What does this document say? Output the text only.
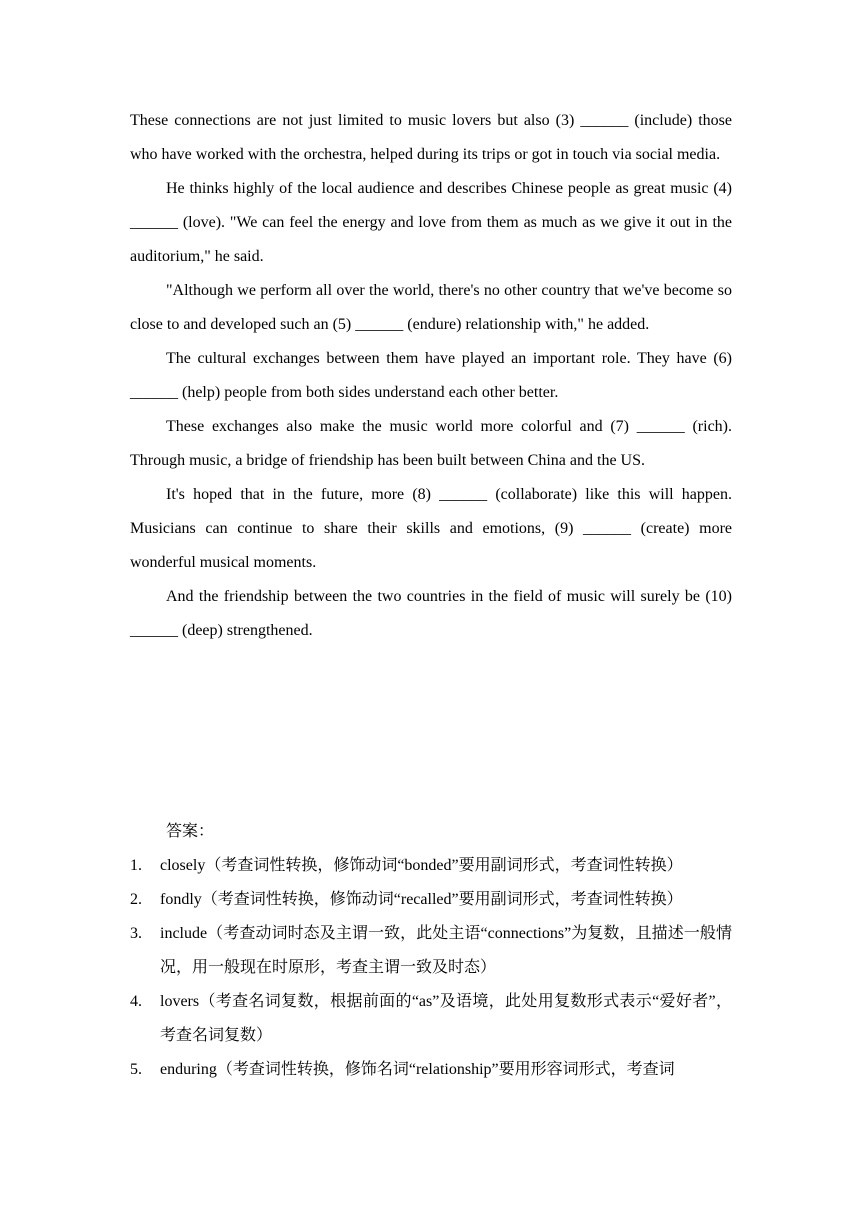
These connections are not just limited to music lovers but also (3) ______ (include) those who have worked with the orchestra, helped during its trips or got in touch via social media.

He thinks highly of the local audience and describes Chinese people as great music (4) ______ (love). "We can feel the energy and love from them as much as we give it out in the auditorium," he said.

"Although we perform all over the world, there's no other country that we've become so close to and developed such an (5) ______ (endure) relationship with," he added.

The cultural exchanges between them have played an important role. They have (6) ______ (help) people from both sides understand each other better.

These exchanges also make the music world more colorful and (7) ______ (rich). Through music, a bridge of friendship has been built between China and the US.

It's hoped that in the future, more (8) ______ (collaborate) like this will happen. Musicians can continue to share their skills and emotions, (9) ______ (create) more wonderful musical moments.

And the friendship between the two countries in the field of music will surely be (10) ______ (deep) strengthened.

答案：

1.	closely（考查词性转换，修饰动词“bonded”要用副词形式，考查词性转换）
2.	fondly（考查词性转换，修饰动词“recalled”要用副词形式，考查词性转换）
3.	include（考查动词时态及主谓一致，此处主语“connections”为复数，且描述一般情况，用一般现在时原形，考查主谓一致及时态）
4.	lovers（考查名词复数，根据前面的“as”及语境，此处用复数形式表示“爱好者”，考查名词复数）
5.	enduring（考查词性转换，修饰名词“relationship”要用形容词形式，考查词
